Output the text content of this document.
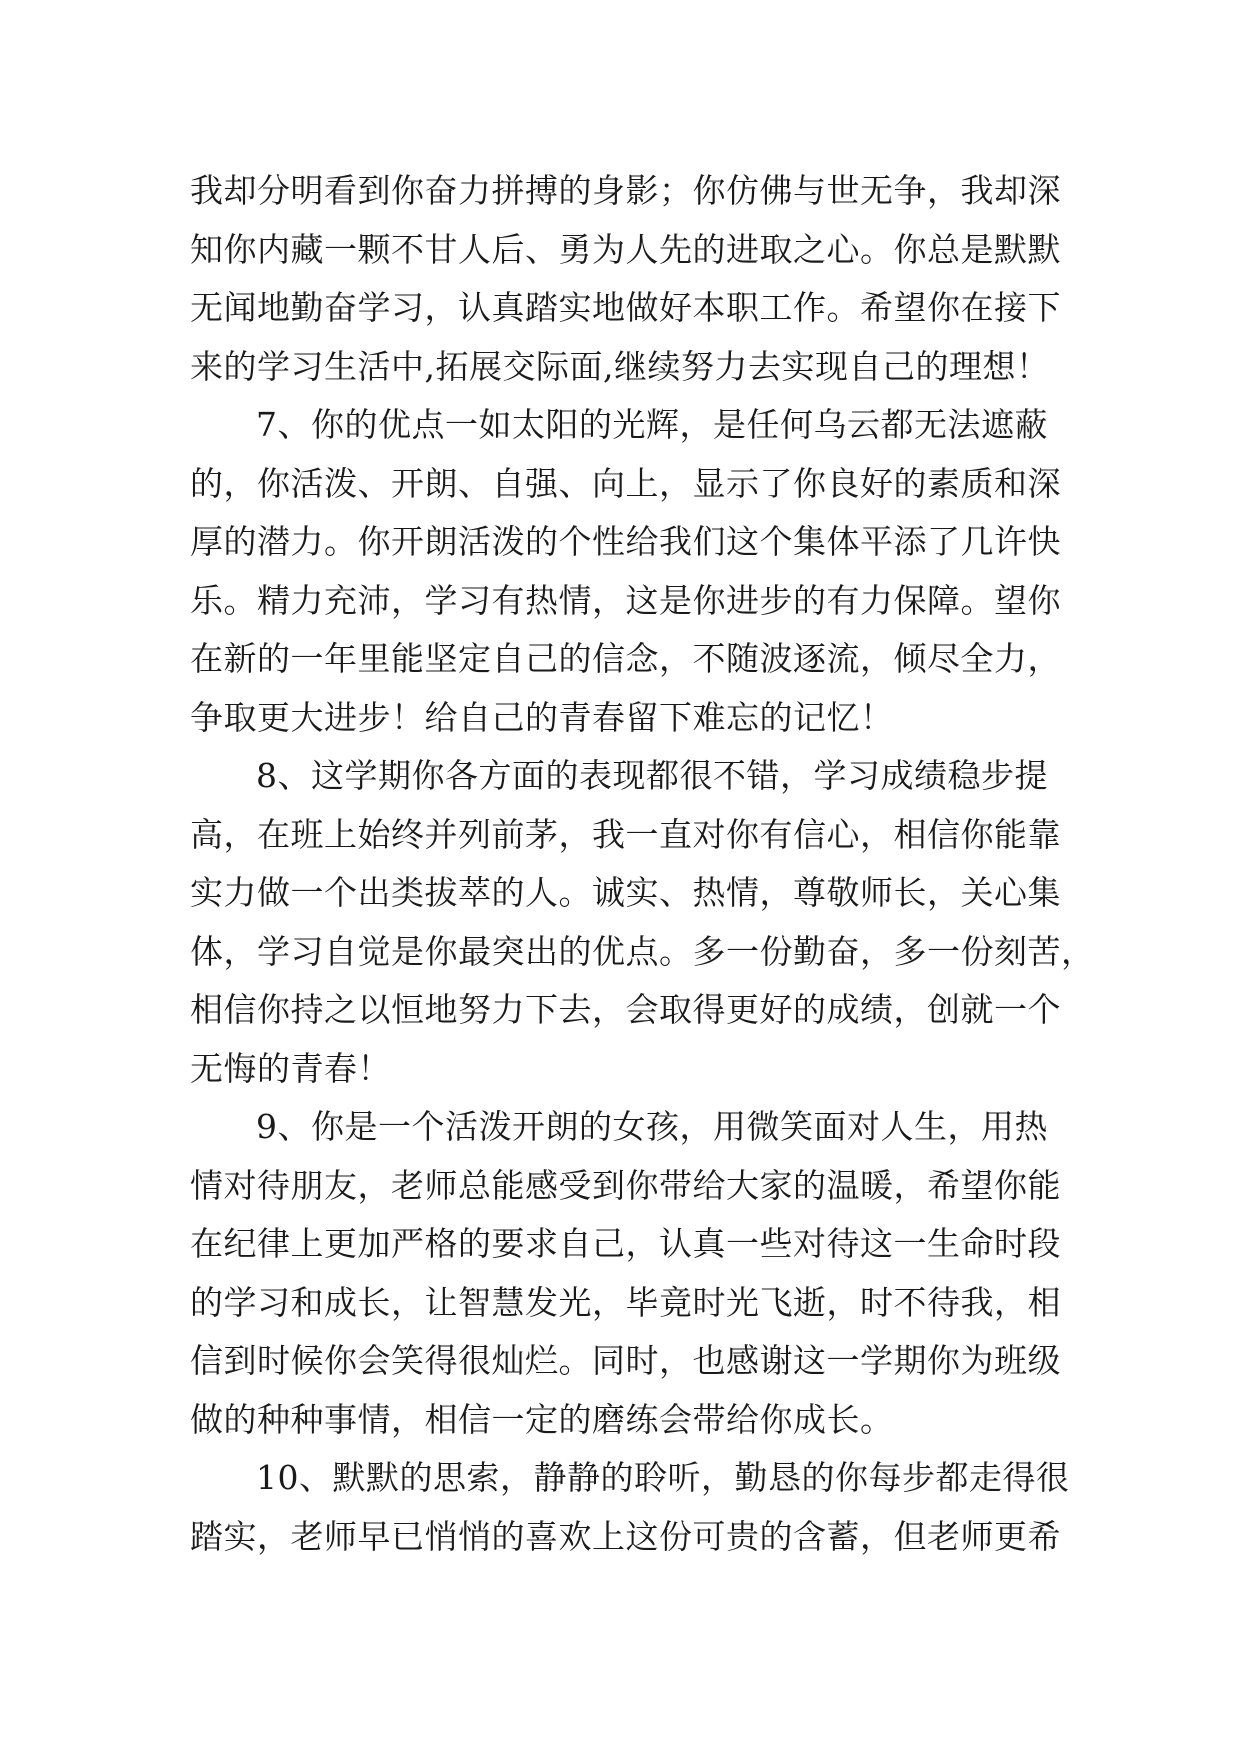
我却分明看到你奋力拼搏的身影；你仿佛与世无争，我却深
知你内藏一颗不甘人后、勇为人先的进取之心。你总是默默
无闻地勤奋学习，认真踏实地做好本职工作。希望你在接下
来的学习生活中,拓展交际面,继续努力去实现自己的理想！
7、你的优点一如太阳的光辉，是任何乌云都无法遮蔽
的，你活泼、开朗、自强、向上，显示了你良好的素质和深
厚的潜力。你开朗活泼的个性给我们这个集体平添了几许快
乐。精力充沛，学习有热情，这是你进步的有力保障。望你
在新的一年里能坚定自己的信念，不随波逐流，倾尽全力，
争取更大进步！给自己的青春留下难忘的记忆！
8、这学期你各方面的表现都很不错，学习成绩稳步提
高，在班上始终并列前茅，我一直对你有信心，相信你能靠
实力做一个出类拔萃的人。诚实、热情，尊敬师长，关心集
体，学习自觉是你最突出的优点。多一份勤奋，多一份刻苦，
相信你持之以恒地努力下去，会取得更好的成绩，创就一个
无悔的青春！
9、你是一个活泼开朗的女孩，用微笑面对人生，用热
情对待朋友，老师总能感受到你带给大家的温暖，希望你能
在纪律上更加严格的要求自己，认真一些对待这一生命时段
的学习和成长，让智慧发光，毕竟时光飞逝，时不待我，相
信到时候你会笑得很灿烂。同时，也感谢这一学期你为班级
做的种种事情，相信一定的磨练会带给你成长。
10、默默的思索，静静的聆听，勤恳的你每步都走得很
踏实，老师早已悄悄的喜欢上这份可贵的含蓄，但老师更希
